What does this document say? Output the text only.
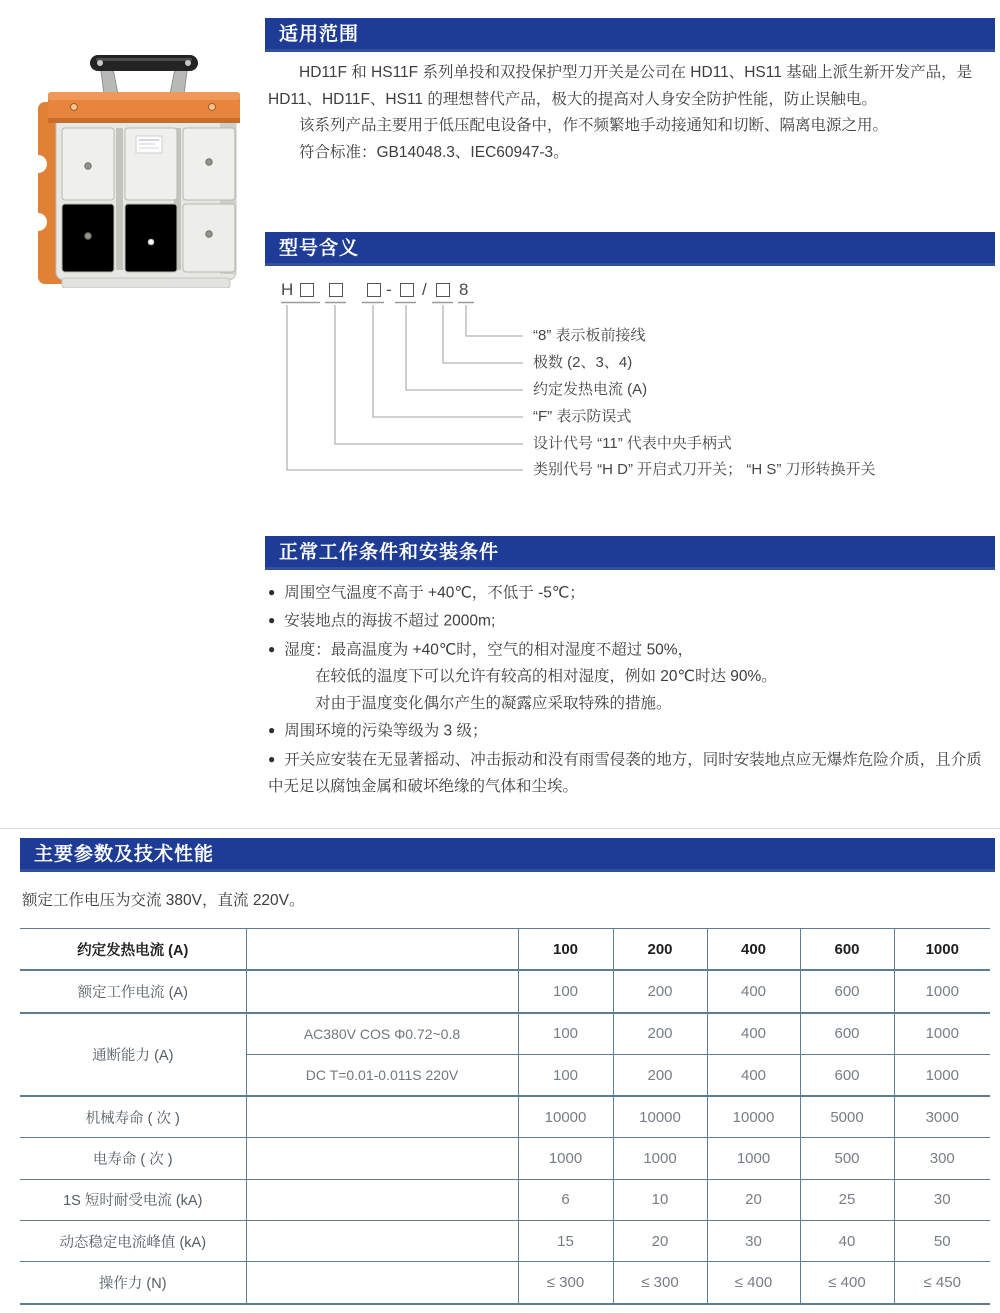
适用范围

HD11F 和 HS11F 系列单投和双投保护型刀开关是公司在 HD11、HS11 基础上派生新开发产品，是 HD11、HD11F、HS11 的理想替代产品，极大的提高对人身安全防护性能，防止误触电。

该系列产品主要用于低压配电设备中，作不频繁地手动接通知和切断、隔离电源之用。

符合标准：GB14048.3、IEC60947-3。

型号含义
H	- / 8
“8” 表示板前接线
极数 (2、3、4)
约定发热电流 (A)
“F” 表示防误式
设计代号 “11” 代表中央手柄式
类别代号 “H D” 开启式刀开关； “H S” 刀形转换开关
正常工作条件和安装条件
● 周围空气温度不高于 +40℃，不低于 -5℃；
● 安装地点的海拔不超过 2000m;
● 湿度：最高温度为 +40℃时，空气的相对湿度不超过 50%，
在较低的温度下可以允许有较高的相对湿度，例如 20℃时达 90%。
对由于温度变化偶尔产生的凝露应采取特殊的措施。
● 周围环境的污染等级为 3 级；
● 开关应安装在无显著摇动、冲击振动和没有雨雪侵袭的地方，同时安装地点应无爆炸危险介质，且介质中无足以腐蚀金属和破坏绝缘的气体和尘埃。
主要参数及技术性能
额定工作电压为交流 380V，直流 220V。
约定发热电流 (A)		100	200	400	600	1000
额定工作电流 (A)		100	200	400	600	1000
通断能力 (A)	AC380V COS Φ0.72~0.8	100	200	400	600	1000
	DC T=0.01-0.011S 220V	100	200	400	600	1000
机械寿命 ( 次 )		10000	10000	10000	5000	3000
电寿命 ( 次 )		1000	1000	1000	500	300
1S 短时耐受电流 (kA)		6	10	20	25	30
动态稳定电流峰值 (kA)		15	20	30	40	50
操作力 (N)		≤ 300	≤ 300	≤ 400	≤ 400	≤ 450
